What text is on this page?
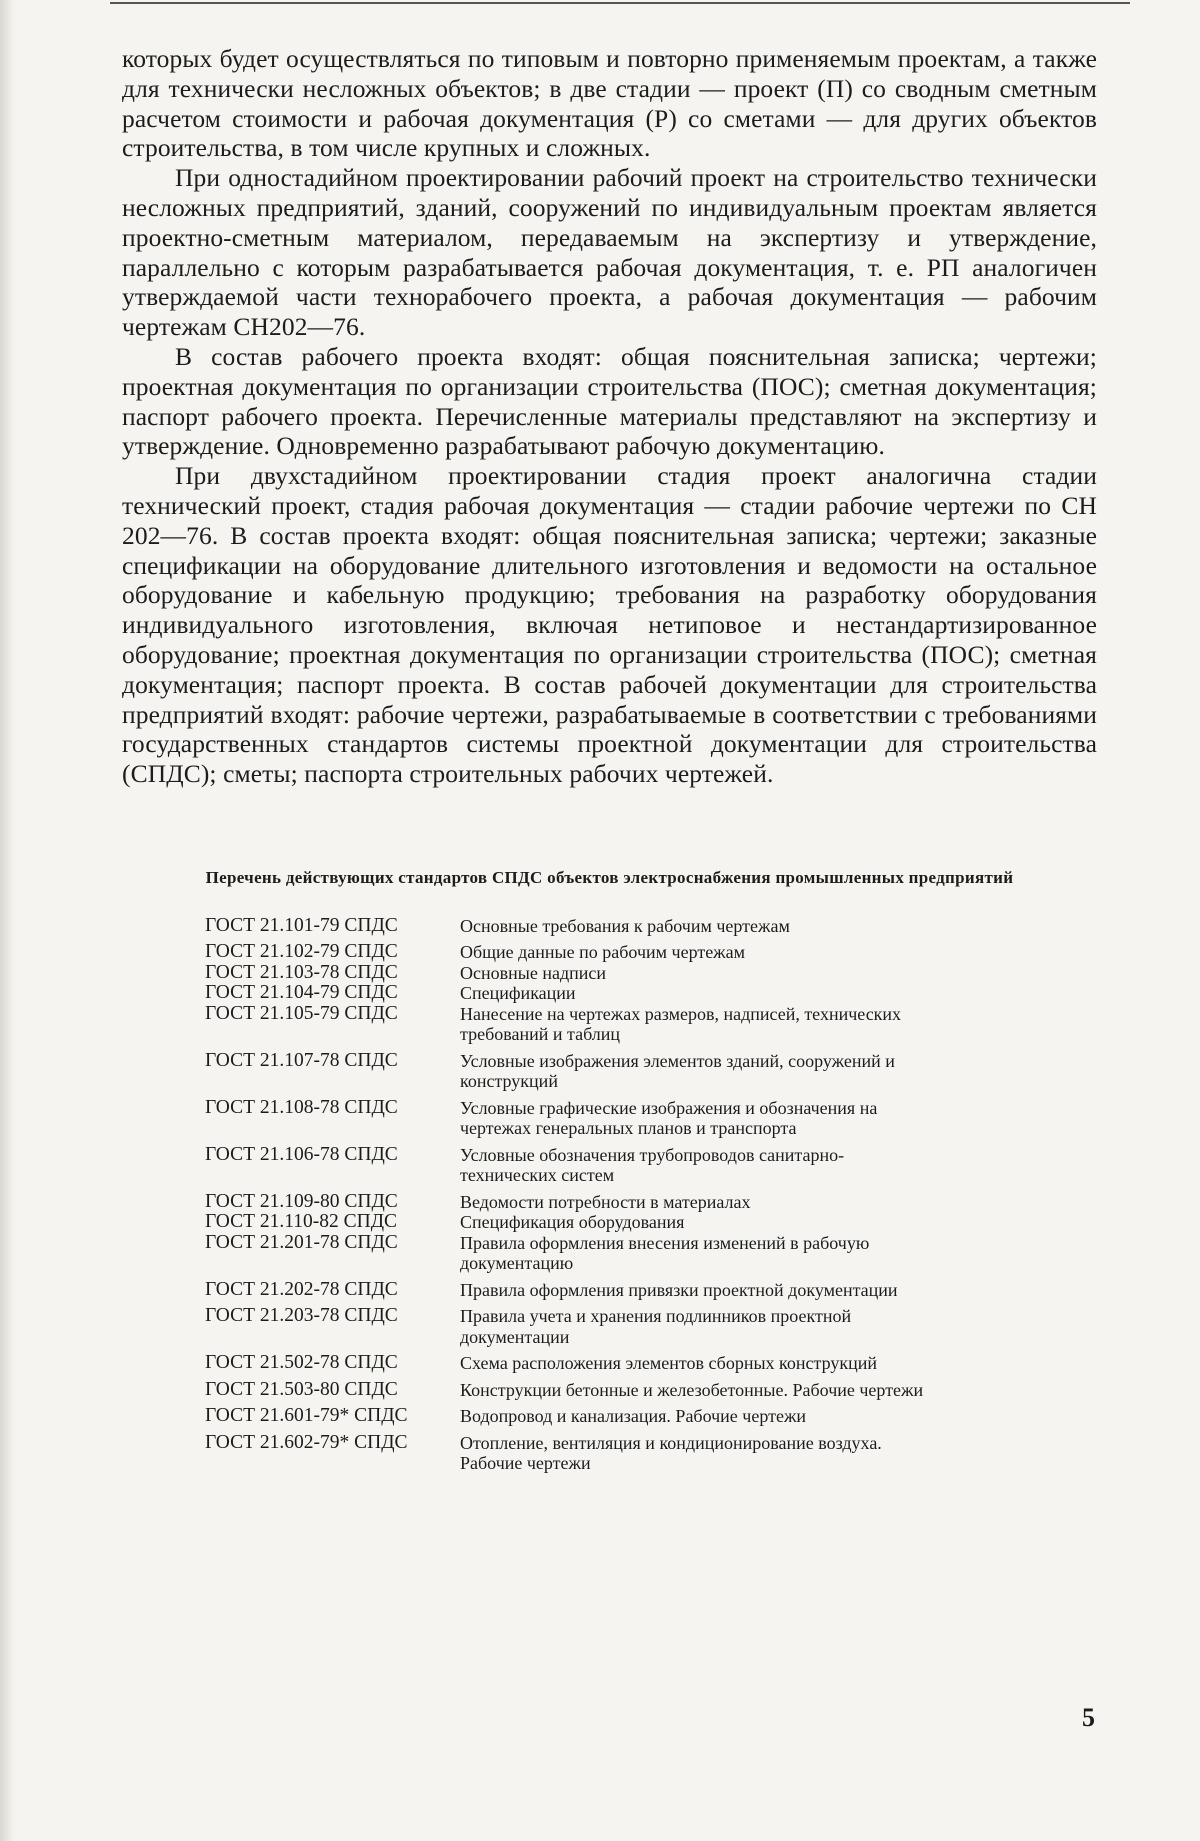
которых будет осуществляться по типовым и повторно применяемым проектам, а также для технически несложных объектов; в две стадии — проект (П) со сводным сметным расчетом стоимости и рабочая документация (Р) со сметами — для других объектов строительства, в том числе крупных и сложных.

При одностадийном проектировании рабочий проект на строительство технически несложных предприятий, зданий, сооружений по индивидуальным проектам является проектно-сметным материалом, передаваемым на экспертизу и утверждение, параллельно с которым разрабатывается рабочая документация, т. е. РП аналогичен утверждаемой части техноpабочего проекта, а рабочая документация — рабочим чертежам СН202—76.

В состав рабочего проекта входят: общая пояснительная записка; чертежи; проектная документация по организации строительства (ПОС); сметная документация; паспорт рабочего проекта. Перечисленные материалы представляют на экспертизу и утверждение. Одновременно разрабатывают рабочую документацию.

При двухстадийном проектировании стадия проект аналогична стадии технический проект, стадия рабочая документация — стадии рабочие чертежи по СН 202—76. В состав проекта входят: общая пояснительная записка; чертежи; заказные спецификации на оборудование длительного изготовления и ведомости на остальное оборудование и кабельную продукцию; требования на разработку оборудования индивидуального изготовления, включая нетиповое и нестандартизированное оборудование; проектная документация по организации строительства (ПОС); сметная документация; паспорт проекта. В состав рабочей документации для строительства предприятий входят: рабочие чертежи, разрабатываемые в соответствии с требованиями государственных стандартов системы проектной документации для строительства (СПДС); сметы; паспорта строительных рабочих чертежей.

Перечень действующих стандартов СПДС объектов электроснабжения промышленных предприятий
ГОСТ 21.101-79 СПДС	Основные требования к рабочим чертежам
ГОСТ 21.102-79 СПДС	Общие данные по рабочим чертежам
ГОСТ 21.103-78 СПДС	Основные надписи
ГОСТ 21.104-79 СПДС	Спецификации
ГОСТ 21.105-79 СПДС	Нанесение на чертежах размеров, надписей, технических требований и таблиц
ГОСТ 21.107-78 СПДС	Условные изображения элементов зданий, сооружений и конструкций
ГОСТ 21.108-78 СПДС	Условные графические изображения и обозначения на чертежах генеральных планов и транспорта
ГОСТ 21.106-78 СПДС	Условные обозначения трубопроводов санитарно-технических систем
ГОСТ 21.109-80 СПДС	Ведомости потребности в материалах
ГОСТ 21.110-82 СПДС	Спецификация оборудования
ГОСТ 21.201-78 СПДС	Правила оформления внесения изменений в рабочую документацию
ГОСТ 21.202-78 СПДС	Правила оформления привязки проектной документации
ГОСТ 21.203-78 СПДС	Правила учета и хранения подлинников проектной документации
ГОСТ 21.502-78 СПДС	Схема расположения элементов сборных конструкций
ГОСТ 21.503-80 СПДС	Конструкции бетонные и железобетонные. Рабочие чертежи
ГОСТ 21.601-79* СПДС	Водопровод и канализация. Рабочие чертежи
ГОСТ 21.602-79* СПДС	Отопление, вентиляция и кондиционирование воздуха. Рабочие чертежи
5
